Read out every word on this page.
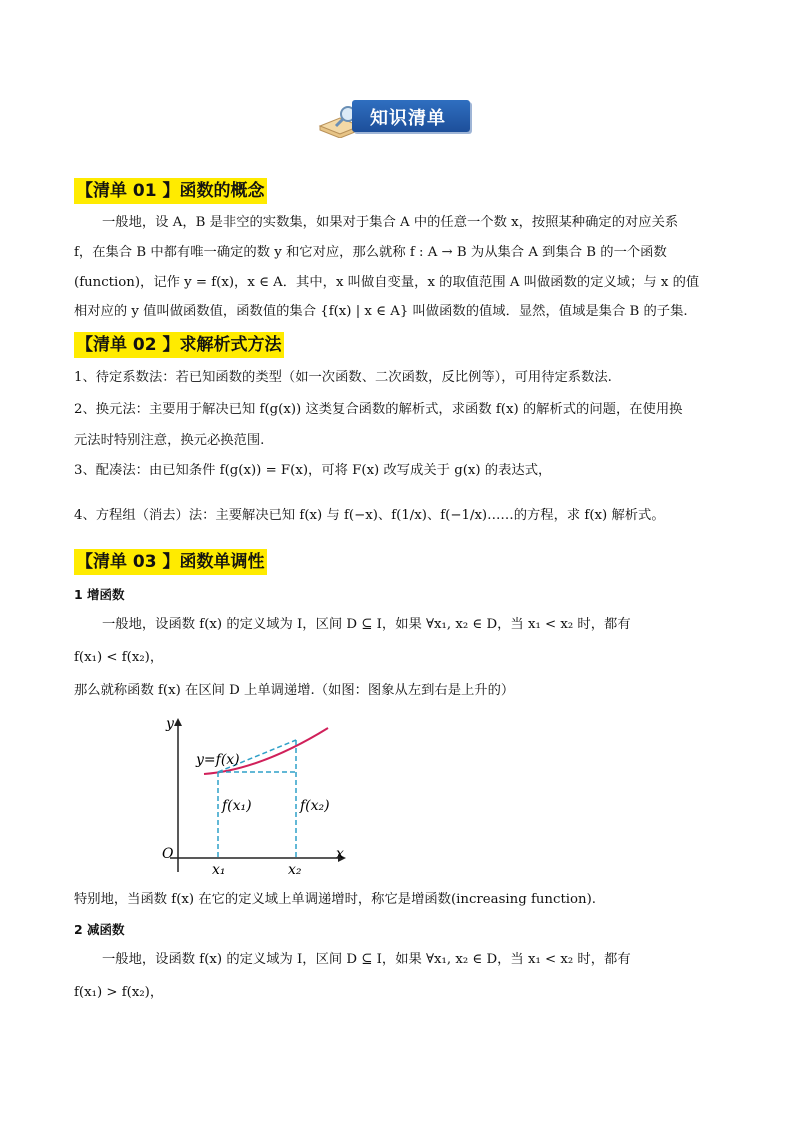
知识清单
【清单 01 】函数的概念
一般地，设 A，B 是非空的实数集，如果对于集合 A 中的任意一个数 x，按照某种确定的对应关系
f，在集合 B 中都有唯一确定的数 y 和它对应，那么就称 f : A → B 为从集合 A 到集合 B 的一个函数
(function)，记作 y = f(x)，x ∈ A．其中，x 叫做自变量，x 的取值范围 A 叫做函数的定义域；与 x 的值
相对应的 y 值叫做函数值，函数值的集合 {f(x) | x ∈ A} 叫做函数的值域．显然，值域是集合 B 的子集.
【清单 02 】求解析式方法
1、待定系数法：若已知函数的类型（如一次函数、二次函数，反比例等），可用待定系数法.
2、换元法：主要用于解决已知 f(g(x)) 这类复合函数的解析式，求函数 f(x) 的解析式的问题，在使用换
元法时特别注意，换元必换范围.
3、配凑法：由已知条件 f(g(x)) = F(x)，可将 F(x) 改写成关于 g(x) 的表达式，
4、方程组（消去）法：主要解决已知 f(x) 与 f(−x)、f(1/x)、f(−1/x)……的方程，求 f(x) 解析式。
【清单 03 】函数单调性
1 增函数
一般地，设函数 f(x) 的定义域为 I，区间 D ⊆ I，如果 ∀x₁, x₂ ∈ D，当 x₁ < x₂ 时，都有
f(x₁) < f(x₂)，
那么就称函数 f(x) 在区间 D 上单调递增.（如图：图象从左到右是上升的）
y
x
O
y=f(x)
f(x₁)	f(x₂)
x₁	x₂
特别地，当函数 f(x) 在它的定义域上单调递增时，称它是增函数(increasing function).
2 减函数
一般地，设函数 f(x) 的定义域为 I，区间 D ⊆ I，如果 ∀x₁, x₂ ∈ D，当 x₁ < x₂ 时，都有
f(x₁) > f(x₂)，
